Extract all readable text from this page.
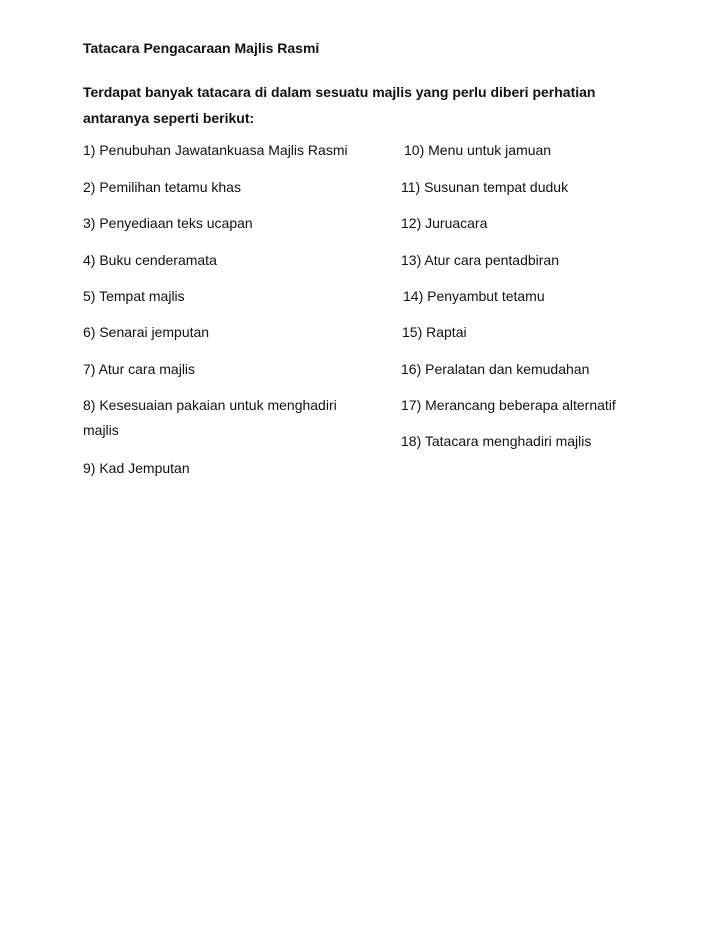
Tatacara Pengacaraan Majlis Rasmi
Terdapat banyak tatacara di dalam sesuatu majlis yang perlu diberi perhatian antaranya seperti berikut:
1) Penubuhan Jawatankuasa Majlis Rasmi
2) Pemilihan tetamu khas
3) Penyediaan teks ucapan
4) Buku cenderamata
5) Tempat majlis
6) Senarai jemputan
7) Atur cara majlis
8) Kesesuaian pakaian untuk menghadiri majlis
9) Kad Jemputan
10) Menu untuk jamuan
11) Susunan tempat duduk
12) Juruacara
13) Atur cara pentadbiran
14) Penyambut tetamu
15) Raptai
16) Peralatan dan kemudahan
17) Merancang beberapa alternatif
18) Tatacara menghadiri majlis
